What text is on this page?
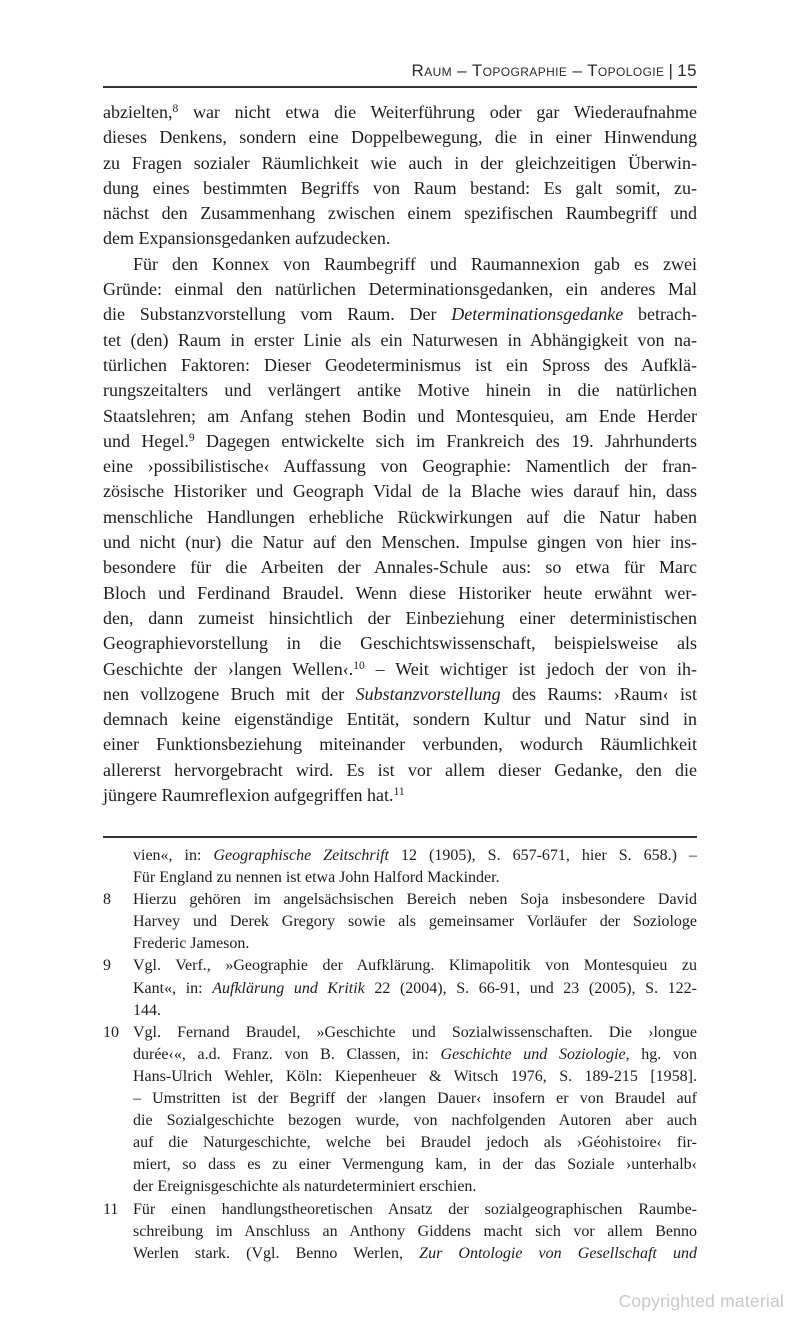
Raum – Topographie – Topologie | 15
abzielten,$^8$ war nicht etwa die Weiterführung oder gar Wiederaufnahme
dieses Denkens, sondern eine Doppelbewegung, die in einer Hinwendung
zu Fragen sozialer Räumlichkeit wie auch in der gleichzeitigen Überwin-
dung eines bestimmten Begriffs von Raum bestand: Es galt somit, zu-
nächst den Zusammenhang zwischen einem spezifischen Raumbegriff und
dem Expansionsgedanken aufzudecken.
Für den Konnex von Raumbegriff und Raumannexion gab es zwei
Gründe: einmal den natürlichen Determinationsgedanken, ein anderes Mal
die Substanzvorstellung vom Raum. Der Determinationsgedanke betrach-
tet (den) Raum in erster Linie als ein Naturwesen in Abhängigkeit von na-
türlichen Faktoren: Dieser Geodeterminismus ist ein Spross des Aufklä-
rungszeitalters und verlängert antike Motive hinein in die natürlichen
Staatslehren; am Anfang stehen Bodin und Montesquieu, am Ende Herder
und Hegel.$^9$ Dagegen entwickelte sich im Frankreich des 19. Jahrhunderts
eine ›possibilistische‹ Auffassung von Geographie: Namentlich der fran-
zösische Historiker und Geograph Vidal de la Blache wies darauf hin, dass
menschliche Handlungen erhebliche Rückwirkungen auf die Natur haben
und nicht (nur) die Natur auf den Menschen. Impulse gingen von hier ins-
besondere für die Arbeiten der Annales-Schule aus: so etwa für Marc
Bloch und Ferdinand Braudel. Wenn diese Historiker heute erwähnt wer-
den, dann zumeist hinsichtlich der Einbeziehung einer deterministischen
Geographievorstellung in die Geschichtswissenschaft, beispielsweise als
Geschichte der ›langen Wellen‹.$^{10}$ – Weit wichtiger ist jedoch der von ih-
nen vollzogene Bruch mit der Substanzvorstellung des Raums: ›Raum‹ ist
demnach keine eigenständige Entität, sondern Kultur und Natur sind in
einer Funktionsbeziehung miteinander verbunden, wodurch Räumlichkeit
allererst hervorgebracht wird. Es ist vor allem dieser Gedanke, den die
jüngere Raumreflexion aufgegriffen hat.$^{11}$
vien«, in: Geographische Zeitschrift 12 (1905), S. 657-671, hier S. 658.) –
Für England zu nennen ist etwa John Halford Mackinder.
8 Hierzu gehören im angelsächsischen Bereich neben Soja insbesondere David
Harvey und Derek Gregory sowie als gemeinsamer Vorläufer der Soziologe
Frederic Jameson.
9 Vgl. Verf., »Geographie der Aufklärung. Klimapolitik von Montesquieu zu
Kant«, in: Aufklärung und Kritik 22 (2004), S. 66-91, und 23 (2005), S. 122-
144.
10 Vgl. Fernand Braudel, »Geschichte und Sozialwissenschaften. Die ›longue
durée‹«, a.d. Franz. von B. Classen, in: Geschichte und Soziologie, hg. von
Hans-Ulrich Wehler, Köln: Kiepenheuer & Witsch 1976, S. 189-215 [1958].
– Umstritten ist der Begriff der ›langen Dauer‹ insofern er von Braudel auf
die Sozialgeschichte bezogen wurde, von nachfolgenden Autoren aber auch
auf die Naturgeschichte, welche bei Braudel jedoch als ›Géohistoire‹ fir-
miert, so dass es zu einer Vermengung kam, in der das Soziale ›unterhalb‹
der Ereignisgeschichte als naturdeterminiert erschien.
11 Für einen handlungstheoretischen Ansatz der sozialgeographischen Raumbe-
schreibung im Anschluss an Anthony Giddens macht sich vor allem Benno
Werlen stark. (Vgl. Benno Werlen, Zur Ontologie von Gesellschaft und
Copyrighted material
